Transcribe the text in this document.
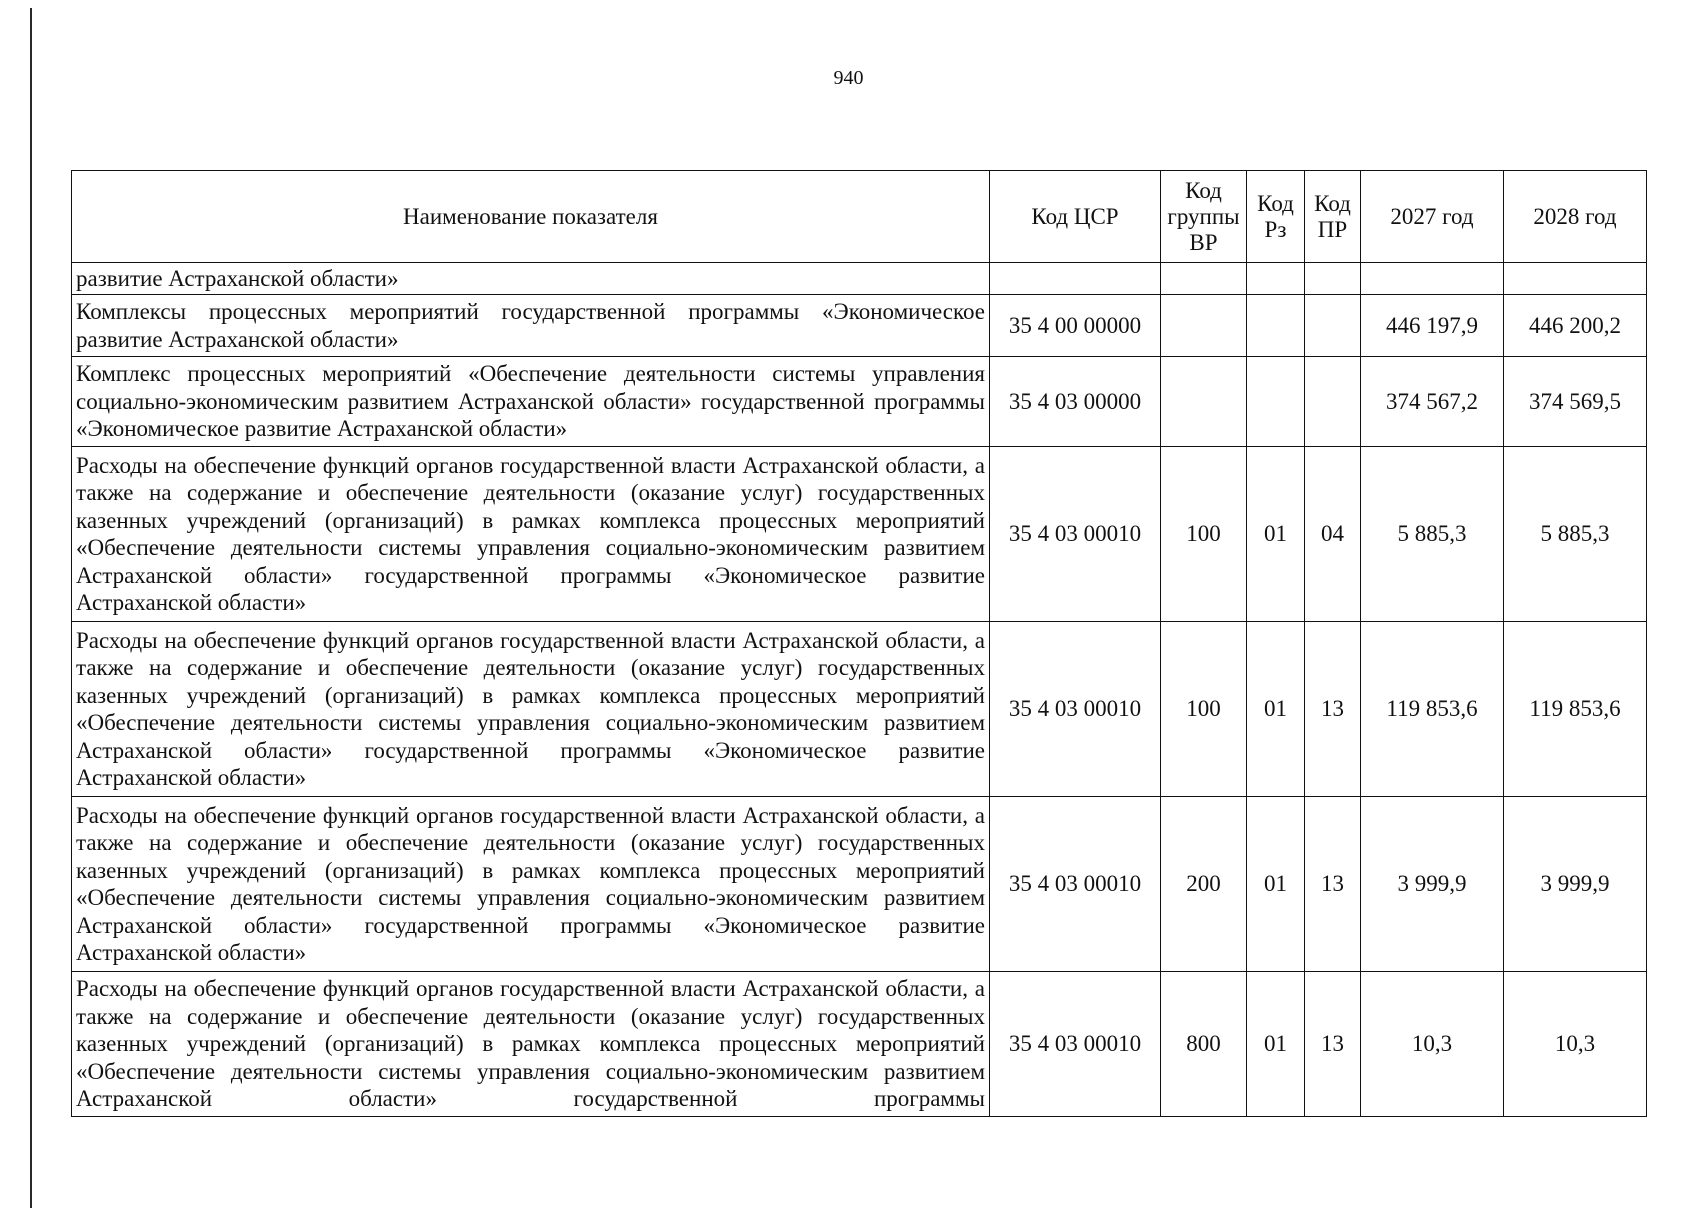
940
Наименование показателя	Код ЦСР	Код группы ВР	Код Рз	Код ПР	2027 год	2028 год
развитие Астраханской области»						
Комплексы процессных мероприятий государственной программы «Экономическое развитие Астраханской области»	35 4 00 00000				446 197,9	446 200,2
Комплекс процессных мероприятий «Обеспечение деятельности системы управления социально-экономическим развитием Астраханской области» государственной программы «Экономическое развитие Астраханской области»	35 4 03 00000				374 567,2	374 569,5
Расходы на обеспечение функций органов государственной власти Астраханской области, а также на содержание и обеспечение деятельности (оказание услуг) государственных казенных учреждений (организаций) в рамках комплекса процессных мероприятий «Обеспечение деятельности системы управления социально-экономическим развитием Астраханской области» государственной программы «Экономическое развитие Астраханской области»	35 4 03 00010	100	01	04	5 885,3	5 885,3
Расходы на обеспечение функций органов государственной власти Астраханской области, а также на содержание и обеспечение деятельности (оказание услуг) государственных казенных учреждений (организаций) в рамках комплекса процессных мероприятий «Обеспечение деятельности системы управления социально-экономическим развитием Астраханской области» государственной программы «Экономическое развитие Астраханской области»	35 4 03 00010	100	01	13	119 853,6	119 853,6
Расходы на обеспечение функций органов государственной власти Астраханской области, а также на содержание и обеспечение деятельности (оказание услуг) государственных казенных учреждений (организаций) в рамках комплекса процессных мероприятий «Обеспечение деятельности системы управления социально-экономическим развитием Астраханской области» государственной программы «Экономическое развитие Астраханской области»	35 4 03 00010	200	01	13	3 999,9	3 999,9
Расходы на обеспечение функций органов государственной власти Астраханской области, а также на содержание и обеспечение деятельности (оказание услуг) государственных казенных учреждений (организаций) в рамках комплекса процессных мероприятий «Обеспечение деятельности системы управления социально-экономическим развитием Астраханской области» государственной программы	35 4 03 00010	800	01	13	10,3	10,3
